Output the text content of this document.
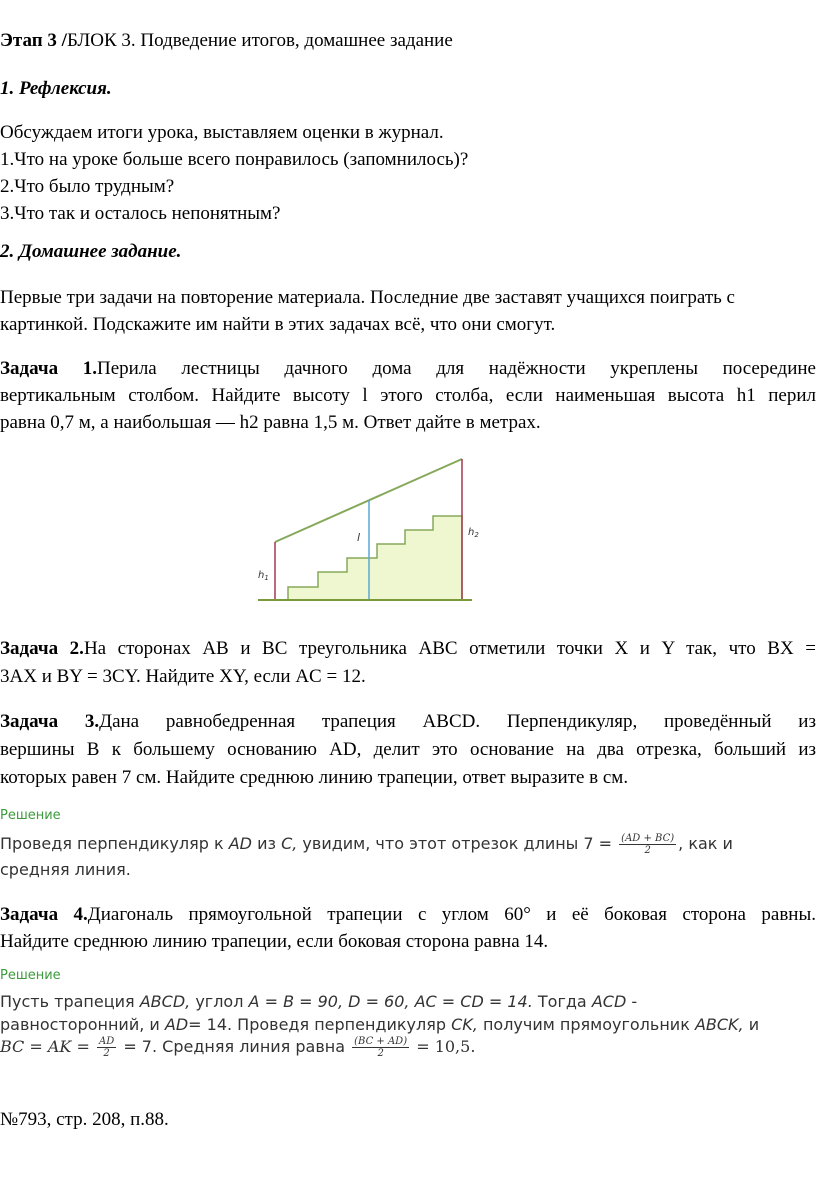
Этап 3 /БЛОК 3. Подведение итогов, домашнее задание
1. Рефлексия.
Обсуждаем итоги урока, выставляем оценки в журнал.
1.Что на уроке больше всего понравилось (запомнилось)?
2.Что было трудным?
3.Что так и осталось непонятным?
2. Домашнее задание.
Первые три задачи на повторение материала. Последние две заставят учащихся поиграть с
картинкой. Подскажите им найти в этих задачах всё, что они смогут.
Задача 1.Перила лестницы дачного дома для надёжности укреплены посередине
вертикальным столбом. Найдите высоту l этого столба, если наименьшая высота h1 перил
равна 0,7 м, а наибольшая — h2 равна 1,5 м. Ответ дайте в метрах.
l
$h_1$
$h_2$
Задача 2.На сторонах АВ и ВС треугольника АВС отметили точки X и Y так, что BX =
3AX и BY = 3CY. Найдите XY, если AC = 12.
Задача 3.Дана равнобедренная трапеция ABCD. Перпендикуляр, проведённый из
вершины B к большему основанию AD, делит это основание на два отрезка, больший из
которых равен 7 см. Найдите среднюю линию трапеции, ответ выразите в см.
Решение
Проведя перпендикуляр к AD из C, увидим, что этот отрезок длины $7 = \frac{(AD + BC)}{2}$ , как и
средняя линия.
Задача 4.Диагональ прямоугольной трапеции с углом 60° и её боковая сторона равны.
Найдите среднюю линию трапеции, если боковая сторона равна 14.
Решение
Пусть трапеция ABCD, углол A = B = 90, D = 60, AC = CD = 14. Тогда ACD -
равносторонний, и AD= 14. Проведя перпендикуляр CK, получим прямоугольник ABCK, и
BC = AK = $\frac{AD}{2} = 7$. Средняя линия равна $\frac{(BC + AD)}{2} = 10,5$.
№793, стр. 208, п.88.
